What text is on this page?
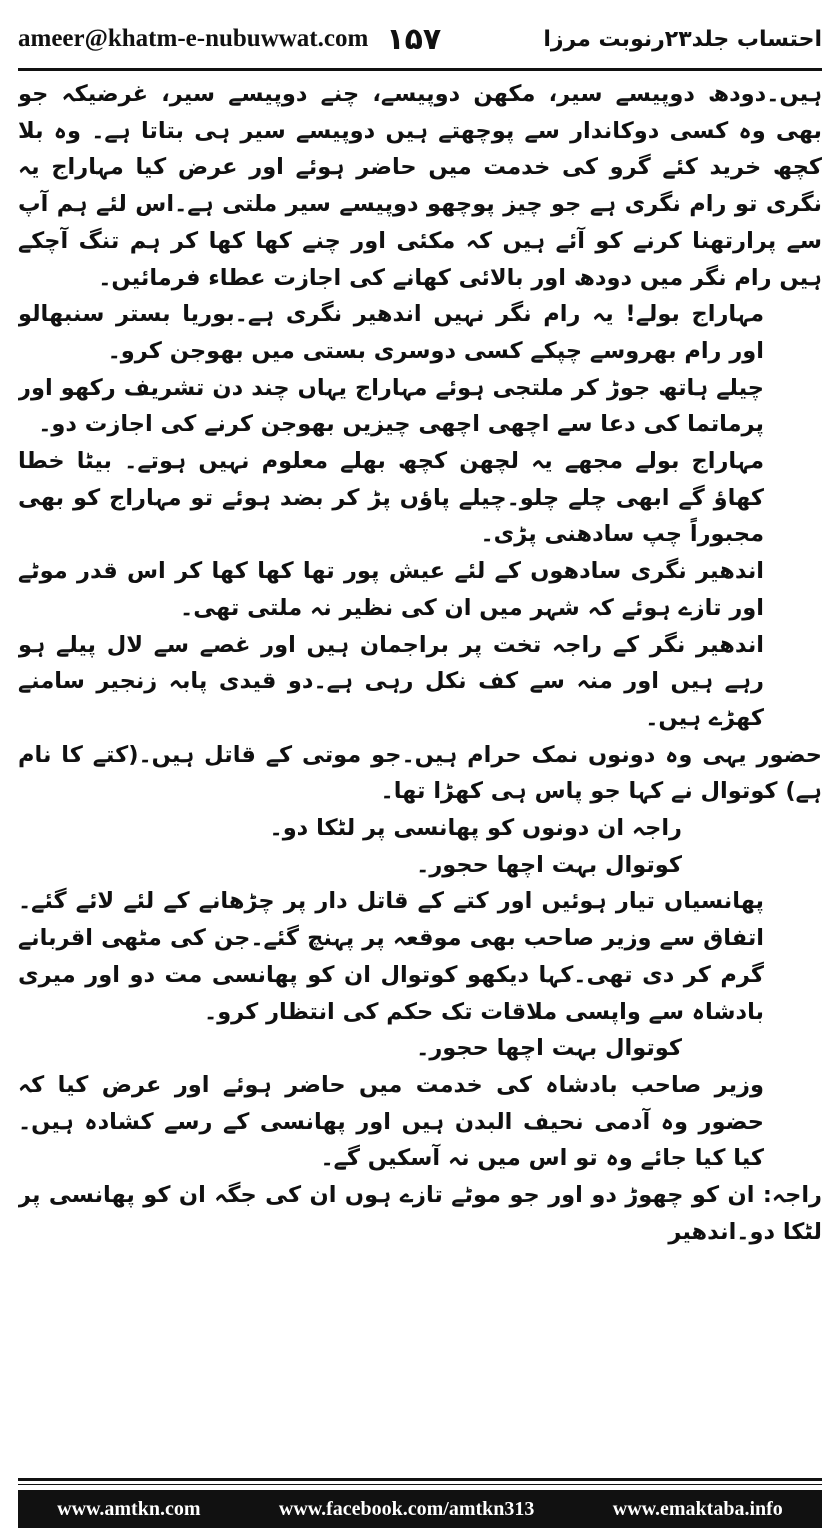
ameer@khatm-e-nubuwwat.com ۱۵۷	احتساب جلد۲۳رنوبت مرزا

ہیں۔دودھ دوپیسے سیر، مکھن دوپیسے، چنے دوپیسے سیر، غرضیکہ جو بھی وہ کسی دوکاندار سے پوچھتے ہیں دوپیسے سیر ہی بتاتا ہے۔ وہ بلا کچھ خرید کئے گرو کی خدمت میں حاضر ہوئے اور عرض کیا مہاراج یہ نگری تو رام نگری ہے جو چیز پوچھو دوپیسے سیر ملتی ہے۔اس لئے ہم آپ سے پرارتھنا کرنے کو آئے ہیں کہ مکئی اور چنے کھا کھا کر ہم تنگ آچکے ہیں رام نگر میں دودھ اور بالائی کھانے کی اجازت عطاء فرمائیں۔

مہاراج بولے! یہ رام نگر نہیں اندھیر نگری ہے۔بوریا بستر سنبھالو اور رام بھروسے چپکے کسی دوسری بستی میں بھوجن کرو۔

چیلے ہاتھ جوڑ کر ملتجی ہوئے مہاراج یہاں چند دن تشریف رکھو اور پرماتما کی دعا سے اچھی اچھی چیزیں بھوجن کرنے کی اجازت دو۔

مہاراج بولے مجھے یہ لچھن کچھ بھلے معلوم نہیں ہوتے۔ بیٹا خطا کھاؤ گے ابھی چلے چلو۔چیلے پاؤں پڑ کر بضد ہوئے تو مہاراج کو بھی مجبوراً چپ سادھنی پڑی۔

اندھیر نگری سادھوں کے لئے عیش پور تھا کھا کھا کر اس قدر موٹے اور تازے ہوئے کہ شہر میں ان کی نظیر نہ ملتی تھی۔

اندھیر نگر کے راجہ تخت پر براجمان ہیں اور غصے سے لال پیلے ہو رہے ہیں اور منہ سے کف نکل رہی ہے۔دو قیدی پابہ زنجیر سامنے کھڑے ہیں۔

حضور یہی وہ دونوں نمک حرام ہیں۔جو موتی کے قاتل ہیں۔(کتے کا نام ہے) کوتوال نے کہا جو پاس ہی کھڑا تھا۔

راجہ ان دونوں کو پھانسی پر لٹکا دو۔

کوتوال بہت اچھا حجور۔

پھانسیاں تیار ہوئیں اور کتے کے قاتل دار پر چڑھانے کے لئے لائے گئے۔اتفاق سے وزیر صاحب بھی موقعہ پر پہنچ گئے۔جن کی مٹھی اقربانے گرم کر دی تھی۔کہا دیکھو کوتوال ان کو پھانسی مت دو اور میری بادشاہ سے واپسی ملاقات تک حکم کی انتظار کرو۔

کوتوال بہت اچھا حجور۔

وزیر صاحب بادشاہ کی خدمت میں حاضر ہوئے اور عرض کیا کہ حضور وہ آدمی نحیف البدن ہیں اور پھانسی کے رسے کشادہ ہیں۔کیا کیا جائے وہ تو اس میں نہ آسکیں گے۔

راجہ: ان کو چھوڑ دو اور جو موٹے تازے ہوں ان کی جگہ ان کو پھانسی پر لٹکا دو۔اندھیر

www.amtkn.com	www.facebook.com/amtkn313	www.emaktaba.info
